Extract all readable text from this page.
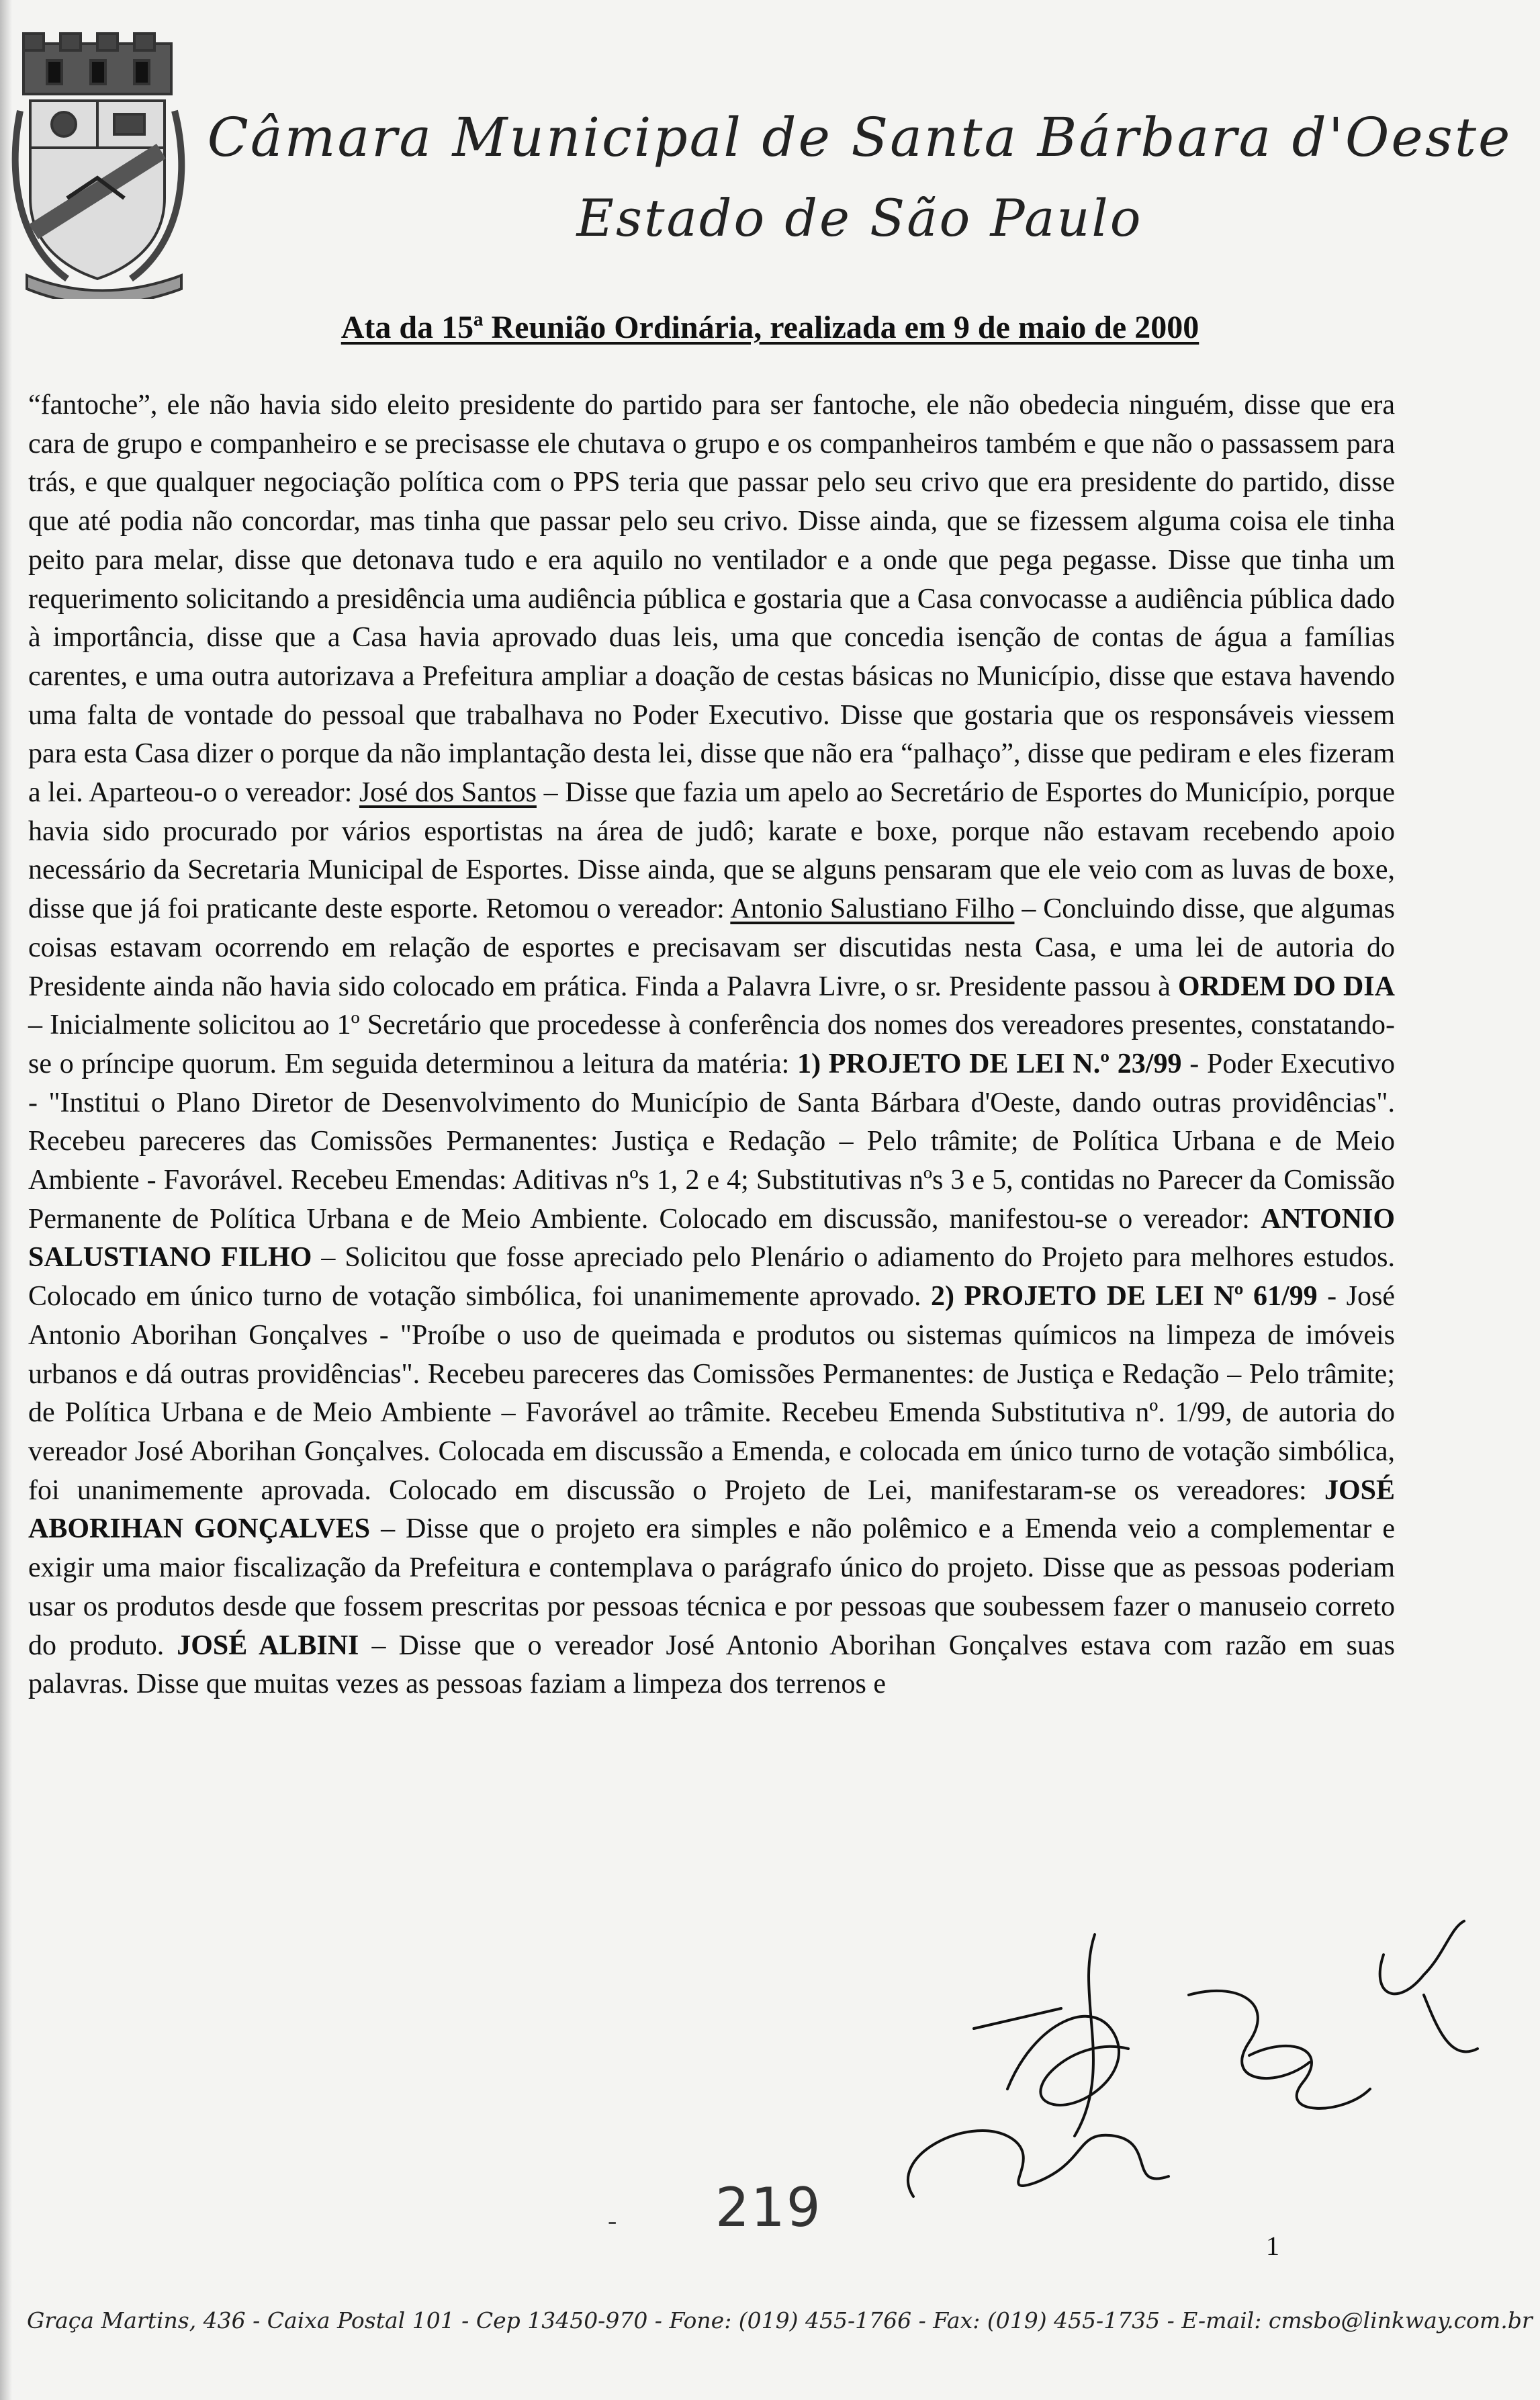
Câmara Municipal de Santa Bárbara d'Oeste
Estado de São Paulo
Ata da 15ª Reunião Ordinária, realizada em 9 de maio de 2000

“fantoche”, ele não havia sido eleito presidente do partido para ser fantoche, ele não obedecia ninguém, disse que era cara de grupo e companheiro e se precisasse ele chutava o grupo e os companheiros também e que não o passassem para trás, e que qualquer negociação política com o PPS teria que passar pelo seu crivo que era presidente do partido, disse que até podia não concordar, mas tinha que passar pelo seu crivo. Disse ainda, que se fizessem alguma coisa ele tinha peito para melar, disse que detonava tudo e era aquilo no ventilador e a onde que pega pegasse. Disse que tinha um requerimento solicitando a presidência uma audiência pública e gostaria que a Casa convocasse a audiência pública dado à importância, disse que a Casa havia aprovado duas leis, uma que concedia isenção de contas de água a famílias carentes, e uma outra autorizava a Prefeitura ampliar a doação de cestas básicas no Município, disse que estava havendo uma falta de vontade do pessoal que trabalhava no Poder Executivo. Disse que gostaria que os responsáveis viessem para esta Casa dizer o porque da não implantação desta lei, disse que não era “palhaço”, disse que pediram e eles fizeram a lei. Aparteou-o o vereador: José dos Santos – Disse que fazia um apelo ao Secretário de Esportes do Município, porque havia sido procurado por vários esportistas na área de judô; karate e boxe, porque não estavam recebendo apoio necessário da Secretaria Municipal de Esportes. Disse ainda, que se alguns pensaram que ele veio com as luvas de boxe, disse que já foi praticante deste esporte. Retomou o vereador: Antonio Salustiano Filho – Concluindo disse, que algumas coisas estavam ocorrendo em relação de esportes e precisavam ser discutidas nesta Casa, e uma lei de autoria do Presidente ainda não havia sido colocado em prática. Finda a Palavra Livre, o sr. Presidente passou à ORDEM DO DIA – Inicialmente solicitou ao 1º Secretário que procedesse à conferência dos nomes dos vereadores presentes, constatando-se o príncipe quorum. Em seguida determinou a leitura da matéria: 1) PROJETO DE LEI N.º 23/99 - Poder Executivo - "Institui o Plano Diretor de Desenvolvimento do Município de Santa Bárbara d'Oeste, dando outras providências". Recebeu pareceres das Comissões Permanentes: Justiça e Redação – Pelo trâmite; de Política Urbana e de Meio Ambiente - Favorável. Recebeu Emendas: Aditivas nºs 1, 2 e 4; Substitutivas nºs 3 e 5, contidas no Parecer da Comissão Permanente de Política Urbana e de Meio Ambiente. Colocado em discussão, manifestou-se o vereador: ANTONIO SALUSTIANO FILHO – Solicitou que fosse apreciado pelo Plenário o adiamento do Projeto para melhores estudos. Colocado em único turno de votação simbólica, foi unanimemente aprovado. 2) PROJETO DE LEI Nº 61/99 - José Antonio Aborihan Gonçalves - "Proíbe o uso de queimada e produtos ou sistemas químicos na limpeza de imóveis urbanos e dá outras providências". Recebeu pareceres das Comissões Permanentes: de Justiça e Redação – Pelo trâmite; de Política Urbana e de Meio Ambiente – Favorável ao trâmite. Recebeu Emenda Substitutiva nº. 1/99, de autoria do vereador José Aborihan Gonçalves. Colocada em discussão a Emenda, e colocada em único turno de votação simbólica, foi unanimemente aprovada. Colocado em discussão o Projeto de Lei, manifestaram-se os vereadores: JOSÉ ABORIHAN GONÇALVES – Disse que o projeto era simples e não polêmico e a Emenda veio a complementar e exigir uma maior fiscalização da Prefeitura e contemplava o parágrafo único do projeto. Disse que as pessoas poderiam usar os produtos desde que fossem prescritas por pessoas técnica e por pessoas que soubessem fazer o manuseio correto do produto. JOSÉ ALBINI – Disse que o vereador José Antonio Aborihan Gonçalves estava com razão em suas palavras. Disse que muitas vezes as pessoas faziam a limpeza dos terrenos e

- 219
1
Graça Martins, 436 - Caixa Postal 101 - Cep 13450-970 - Fone: (019) 455-1766 - Fax: (019) 455-1735 - E-mail: cmsbo@linkway.com.br
